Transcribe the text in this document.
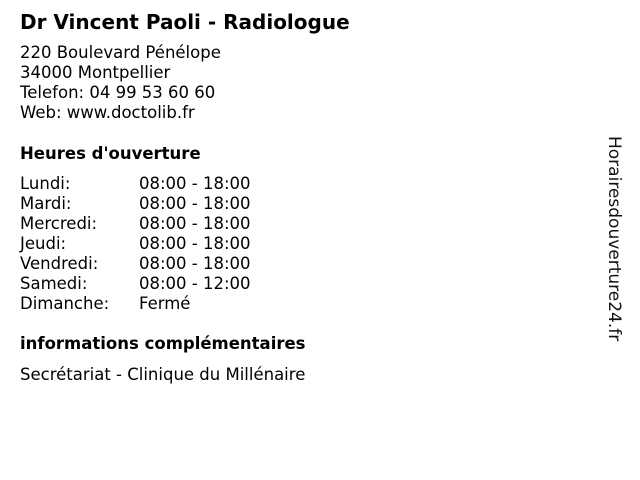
Dr Vincent Paoli - Radiologue
220 Boulevard Pénélope
34000 Montpellier
Telefon: 04 99 53 60 60
Web: www.doctolib.fr
Heures d'ouverture
Lundi:	08:00 - 18:00
Mardi:	08:00 - 18:00
Mercredi:	08:00 - 18:00
Jeudi:	08:00 - 18:00
Vendredi:	08:00 - 18:00
Samedi:	08:00 - 12:00
Dimanche:	Fermé
informations complémentaires
Secrétariat - Clinique du Millénaire
Horairesdouverture24.fr
